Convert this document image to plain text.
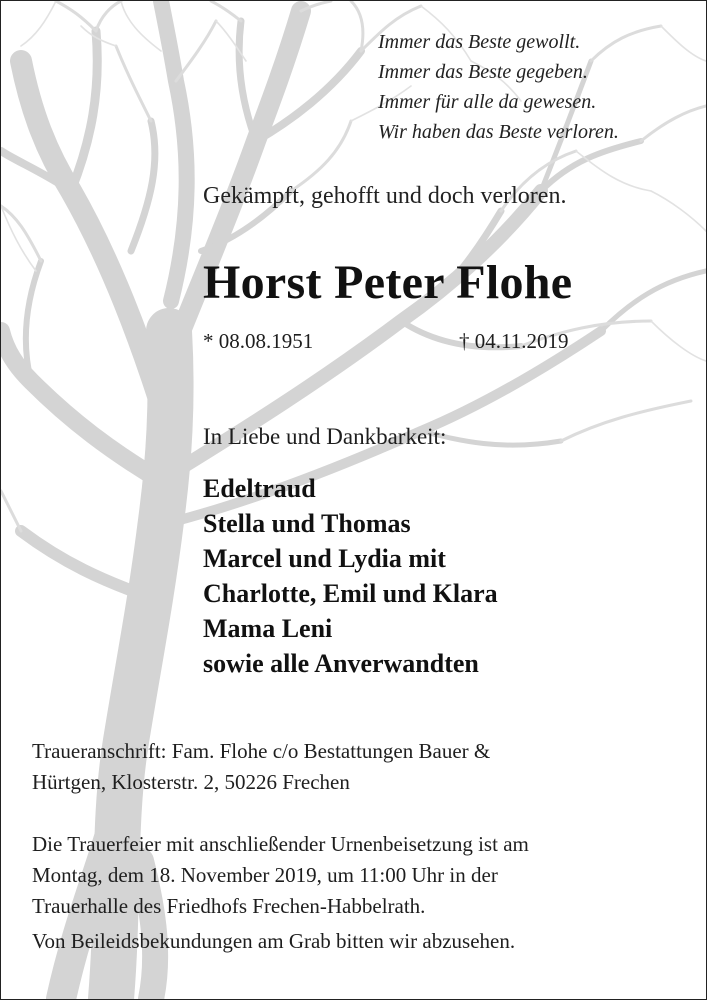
Immer das Beste gewollt.
Immer das Beste gegeben.
Immer für alle da gewesen.
Wir haben das Beste verloren.
Gekämpft, gehofft und doch verloren.
Horst Peter Flohe
* 08.08.1951	† 04.11.2019
In Liebe und Dankbarkeit:
Edeltraud
Stella und Thomas
Marcel und Lydia mit
Charlotte, Emil und Klara
Mama Leni
sowie alle Anverwandten
Traueranschrift: Fam. Flohe c/o Bestattungen Bauer &
Hürtgen, Klosterstr. 2, 50226 Frechen
Die Trauerfeier mit anschließender Urnenbeisetzung ist am
Montag, dem 18. November 2019, um 11:00 Uhr in der
Trauerhalle des Friedhofs Frechen-Habbelrath.
Von Beileidsbekundungen am Grab bitten wir abzusehen.
